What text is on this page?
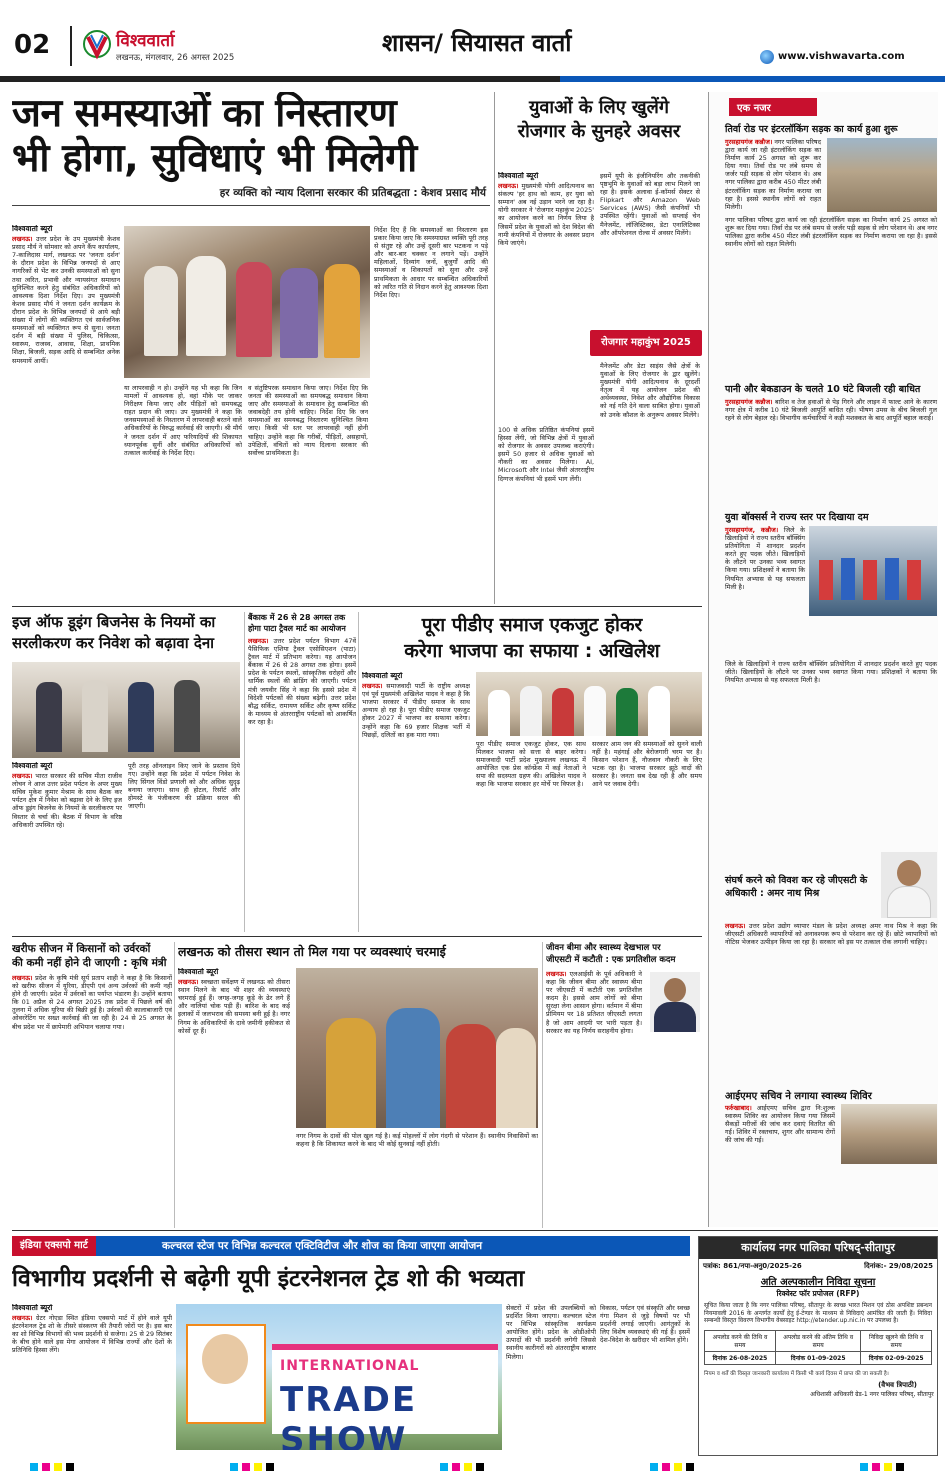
02	विश्ववार्ता
लखनऊ, मंगलवार, 26 अगस्त 2025
शासन/ सियासत वार्ता	www.vishwavarta.com
जन समस्याओं का निस्तारण
भी होगा, सुविधाएं भी मिलेगी
हर व्यक्ति को न्याय दिलाना सरकार की प्रतिबद्धता : केशव प्रसाद मौर्य
विश्ववार्ता ब्यूरो
लखनऊ। उत्तर प्रदेश के उप मुख्यमंत्री केशव प्रसाद मौर्य ने सोमवार को अपने कैंप कार्यालय, 7-कालिदास मार्ग, लखनऊ पर 'जनता दर्शन' के दौरान प्रदेश के विभिन्न जनपदों से आए नागरिकों से भेंट कर उनकी समस्याओं को सुना तथा त्वरित, प्रभावी और न्यायसंगत समाधान सुनिश्चित करने हेतु संबंधित अधिकारियों को आवश्यक दिशा निर्देश दिए। उप मुख्यमंत्री केशव प्रसाद मौर्य ने जनता दर्शन कार्यक्रम के दौरान प्रदेश के विभिन्न जनपदों से आये बड़ी संख्या में लोगों की व्यक्तिगत एवं सार्वजनिक समस्याओं को व्यक्तिगत रूप से सुना। जनता दर्शन में बड़ी संख्या में पुलिस, चिकित्सा, स्वास्थ्य, राजस्व, आवास, शिक्षा, प्राथमिक शिक्षा, बिजली, सड़क आदि से सम्बन्धित अनेक समस्यायें आयीं।
या लापरवाही न हो। उन्होंने यह भी कहा कि जिन मामलों में आवश्यक हो, वहां मौके पर जाकर निरीक्षण किया जाए और पीड़ितों को समयबद्ध राहत प्रदान की जाए। उप मुख्यमंत्री ने कहा कि जनसमस्याओं के निस्तारण में लापरवाही बरतने वाले अधिकारियों के विरुद्ध कार्रवाई की जाएगी। श्री मौर्य ने जनता दर्शन में आए फरियादियों की शिकायत ध्यानपूर्वक सुनीं और संबंधित अधिकारियों को तत्काल कार्रवाई के निर्देश दिए।
व संतुष्टिपरक समाधान किया जाए। निर्देश दिए कि जनता की समस्याओं का समयबद्ध समाधान किया जाए और समस्याओं के समाधान हेतु सम्बन्धित की जवाबदेही तय होनी चाहिए। निर्देश दिए कि जन समस्याओं का समयबद्ध निस्तारण सुनिश्चित किया जाए। किसी भी स्तर पर लापरवाही नहीं होनी चाहिए। उन्होंने कहा कि गरीबों, पीड़ितों, असहायों, उपेक्षितों, वंचितों को न्याय दिलाना सरकार की सर्वोच्च प्राथमिकता है।
निर्देश दिए हैं कि समस्याओं का निस्तारण इस प्रकार किया जाए कि समस्याग्रस्त व्यक्ति पूरी तरह से संतुष्ट रहे और उन्हें दूसरी बार भटकना न पड़े और बार-बार चक्कर न लगाने पड़ें। उन्होंने महिलाओं, दिव्यांग जनों, बुजुर्गों आदि की समस्याओं व शिकायतों को सुना और उन्हें प्राथमिकता के आधार पर सम्बन्धित अधिकारियों को त्वरित गति से निदान करने हेतु आवश्यक दिशा निर्देश दिए।
युवाओं के लिए खुलेंगे
रोजगार के सुनहरे अवसर
विश्ववार्ता ब्यूरो
लखनऊ। मुख्यमंत्री योगी आदित्यनाथ का संकल्प 'हर हाथ को काम, हर युवा को सम्मान' अब नई उड़ान भरने जा रहा है। योगी सरकार ने 'रोजगार महाकुंभ 2025' का आयोजन करने का निर्णय लिया है जिसमें प्रदेश के युवाओं को देश विदेश की नामी कंपनियों में रोजगार के अवसर प्रदान किये जाएंगे।
इसमें यूपी के इंजीनियरिंग और तकनीकी पृष्ठभूमि के युवाओं को बड़ा लाभ मिलने जा रहा है। इसके अलावा ई-कॉमर्स सेक्टर से Flipkart और Amazon Web Services (AWS) जैसी कंपनियाँ भी उपस्थित रहेंगी। युवाओं को सप्लाई चेन मैनेजमेंट, लॉजिस्टिक्स, डेटा एनालिटिक्स और ऑपरेशनल रोल्स में अवसर मिलेंगे।
रोजगार महाकुंभ 2025
100 से अधिक प्रतिष्ठित कंपनियां इसमें हिस्सा लेंगी, जो विभिन्न क्षेत्रों में युवाओं को रोजगार के अवसर उपलब्ध कराएंगी। इसमें 50 हजार से अधिक युवाओं को नौकरी का अवसर मिलेगा। AI, Microsoft और Intel जैसी अंतरराष्ट्रीय दिग्गज कंपनियां भी इसमें भाग लेंगी।
मैनेजमेंट और डेटा साइंस जैसे क्षेत्रों के युवाओं के लिए रोजगार के द्वार खुलेंगे। मुख्यमंत्री योगी आदित्यनाथ के दूरदर्शी नेतृत्व में यह आयोजन प्रदेश की अर्थव्यवस्था, निवेश और औद्योगिक विकास को नई गति देने वाला साबित होगा। युवाओं को उनके कौशल के अनुरूप अवसर मिलेंगे।
एक नजर
तिर्वा रोड पर इंटरलॉकिंग सड़क का कार्य हुआ शुरू
गुरसहायगंज कन्नौज। नगर पालिका परिषद द्वारा कार्य जा रही इंटरलॉकिंग सड़क का निर्माण कार्य 25 अगस्त को शुरू कर दिया गया। तिर्वा रोड पर लंबे समय से जर्जर पड़ी सड़क से लोग परेशान थे। अब नगर पालिका द्वारा करीब 450 मीटर लंबी इंटरलॉकिंग सड़क का निर्माण कराया जा रहा है। इससे स्थानीय लोगों को राहत मिलेगी।
नगर पालिका परिषद द्वारा कार्य जा रही इंटरलॉकिंग सड़क का निर्माण कार्य 25 अगस्त को शुरू कर दिया गया। तिर्वा रोड पर लंबे समय से जर्जर पड़ी सड़क से लोग परेशान थे। अब नगर पालिका द्वारा करीब 450 मीटर लंबी इंटरलॉकिंग सड़क का निर्माण कराया जा रहा है। इससे स्थानीय लोगों को राहत मिलेगी।
पानी और बेकडाउन के चलते 10 घंटे बिजली रही बाधित
गुरसहायगंज कन्नौज। बारिश व तेज हवाओं से पेड़ गिरने और लाइन में फाल्ट आने के कारण नगर क्षेत्र में करीब 10 घंटे बिजली आपूर्ति बाधित रही। भीषण उमस के बीच बिजली गुल रहने से लोग बेहाल रहे। विभागीय कर्मचारियों ने कड़ी मशक्कत के बाद आपूर्ति बहाल कराई।
युवा बॉक्सर्स ने राज्य स्तर पर दिखाया दम
गुरसहायगंज, कन्नौज। जिले के खिलाड़ियों ने राज्य स्तरीय बॉक्सिंग प्रतियोगिता में शानदार प्रदर्शन करते हुए पदक जीते। खिलाड़ियों के लौटने पर उनका भव्य स्वागत किया गया। प्रशिक्षकों ने बताया कि नियमित अभ्यास से यह सफलता मिली है।
जिले के खिलाड़ियों ने राज्य स्तरीय बॉक्सिंग प्रतियोगिता में शानदार प्रदर्शन करते हुए पदक जीते। खिलाड़ियों के लौटने पर उनका भव्य स्वागत किया गया। प्रशिक्षकों ने बताया कि नियमित अभ्यास से यह सफलता मिली है।
संघर्ष करने को विवश कर रहे जीएसटी के अधिकारी : अमर नाथ मिश्र
लखनऊ। उत्तर प्रदेश उद्योग व्यापार मंडल के प्रदेश अध्यक्ष अमर नाथ मिश्र ने कहा कि जीएसटी अधिकारी व्यापारियों को अनावश्यक रूप से परेशान कर रहे हैं। छोटे व्यापारियों को नोटिस भेजकर उत्पीड़न किया जा रहा है। सरकार को इस पर तत्काल रोक लगानी चाहिए।
आईएमए सचिव ने लगाया स्वास्थ्य शिविर
फर्रुखाबाद। आईएमए सचिव द्वारा नि:शुल्क स्वास्थ्य शिविर का आयोजन किया गया जिसमें सैकड़ों मरीजों की जांच कर दवाएं वितरित की गईं। शिविर में रक्तचाप, शुगर और सामान्य रोगों की जांच की गई।
इज ऑफ डूइंग बिजनेस के नियमों का
सरलीकरण कर निवेश को बढ़ावा देना
विश्ववार्ता ब्यूरो
लखनऊ। भारत सरकार की सचिव मीता राजीव लोचन ने आज उत्तर प्रदेश पर्यटन के अपर मुख्य सचिव मुकेश कुमार मेश्राम के साथ बैठक कर पर्यटन क्षेत्र में निवेश को बढ़ावा देने के लिए इज ऑफ डूइंग बिजनेस के नियमों के सरलीकरण पर विस्तार से चर्चा की। बैठक में विभाग के वरिष्ठ अधिकारी उपस्थित रहे।
पूरी तरह ऑनलाइन किए जाने के प्रस्ताव दिये गए। उन्होंने कहा कि प्रदेश में पर्यटन निवेश के लिए सिंगल विंडो प्रणाली को और अधिक सुदृढ़ बनाया जाएगा। साथ ही होटल, रिसॉर्ट और होमस्टे के पंजीकरण की प्रक्रिया सरल की जाएगी।
बैंकाक में 26 से 28 अगस्त तक
होगा पाटा ट्रैवल मार्ट का आयोजन
लखनऊ। उत्तर प्रदेश पर्यटन विभाग 47वें पैसिफिक एशिया ट्रैवल एसोसिएशन (पाटा) ट्रैवल मार्ट में प्रतिभाग करेगा। यह आयोजन बैंकाक में 26 से 28 अगस्त तक होगा। इसमें प्रदेश के पर्यटन स्थलों, सांस्कृतिक धरोहरों और धार्मिक स्थलों की ब्रांडिंग की जाएगी। पर्यटन मंत्री जयवीर सिंह ने कहा कि इससे प्रदेश में विदेशी पर्यटकों की संख्या बढ़ेगी। उत्तर प्रदेश बौद्ध सर्किट, रामायण सर्किट और कृष्ण सर्किट के माध्यम से अंतरराष्ट्रीय पर्यटकों को आकर्षित कर रहा है।
पूरा पीडीए समाज एकजुट होकर
करेगा भाजपा का सफाया : अखिलेश
विश्ववार्ता ब्यूरो
लखनऊ। समाजवादी पार्टी के राष्ट्रीय अध्यक्ष एवं पूर्व मुख्यमंत्री अखिलेश यादव ने कहा है कि भाजपा सरकार में पीडीए समाज के साथ अन्याय हो रहा है। पूरा पीडीए समाज एकजुट होकर 2027 में भाजपा का सफाया करेगा। उन्होंने कहा कि 69 हजार शिक्षक भर्ती में पिछड़ों, दलितों का हक मारा गया।
पूरा पीडीए समाज एकजुट होकर, एक साथ मिलकर भाजपा को सत्ता से बाहर करेगा। समाजवादी पार्टी प्रदेश मुख्यालय लखनऊ में आयोजित एक प्रेस कॉन्फ्रेंस में कई नेताओं ने सपा की सदस्यता ग्रहण की। अखिलेश यादव ने कहा कि भाजपा सरकार हर मोर्चे पर विफल है।
सरकार आम जन की समस्याओं को सुनने वाली नहीं है। महंगाई और बेरोजगारी चरम पर है। किसान परेशान हैं, नौजवान नौकरी के लिए भटक रहा है। भाजपा सरकार झूठे वादों की सरकार है। जनता सब देख रही है और समय आने पर जवाब देगी।
खरीफ सीजन में किसानों को उर्वरकों
की कमी नहीं होने दी जाएगी : कृषि मंत्री
लखनऊ। प्रदेश के कृषि मंत्री सूर्य प्रताप शाही ने कहा है कि किसानों को खरीफ सीजन में यूरिया, डीएपी एवं अन्य उर्वरकों की कमी नहीं होने दी जाएगी। प्रदेश में उर्वरकों का पर्याप्त भंडारण है। उन्होंने बताया कि 01 अप्रैल से 24 अगस्त 2025 तक प्रदेश में पिछले वर्ष की तुलना में अधिक यूरिया की बिक्री हुई है। उर्वरकों की कालाबाजारी एवं ओवररेटिंग पर सख्त कार्रवाई की जा रही है। 24 से 25 अगस्त के बीच प्रदेश भर में छापेमारी अभियान चलाया गया।
लखनऊ को तीसरा स्थान तो मिल गया पर व्यवस्थाएं चरमाई
विश्ववार्ता ब्यूरो
लखनऊ। स्वच्छता सर्वेक्षण में लखनऊ को तीसरा स्थान मिलने के बाद भी शहर की व्यवस्थाएं चरमराई हुई हैं। जगह-जगह कूड़े के ढेर लगे हैं और नालियां चोक पड़ी हैं। बारिश के बाद कई इलाकों में जलभराव की समस्या बनी हुई है। नगर निगम के अधिकारियों के दावे जमीनी हकीकत से कोसों दूर हैं।
नगर निगम के दावों की पोल खुल गई है। कई मोहल्लों में लोग गंदगी से परेशान हैं। स्थानीय निवासियों का कहना है कि शिकायत करने के बाद भी कोई सुनवाई नहीं होती।
जीवन बीमा और स्वास्थ्य देखभाल पर
जीएसटी में कटौती : एक प्रगतिशील कदम
लखनऊ। एलआईसी के पूर्व अधिकारी ने कहा कि जीवन बीमा और स्वास्थ्य बीमा पर जीएसटी में कटौती एक प्रगतिशील कदम है। इससे आम लोगों को बीमा सुरक्षा लेना आसान होगा। वर्तमान में बीमा प्रीमियम पर 18 प्रतिशत जीएसटी लगता है जो आम आदमी पर भारी पड़ता है। सरकार का यह निर्णय सराहनीय होगा।
इंडिया एक्सपो मार्ट	कल्चरल स्टेज पर विभिन्न कल्चरल एक्टिविटीज और शोज का किया जाएगा आयोजन
विभागीय प्रदर्शनी से बढ़ेगी यूपी इंटरनेशनल ट्रेड शो की भव्यता
विश्ववार्ता ब्यूरो
लखनऊ। ग्रेटर नोएडा स्थित इंडिया एक्सपो मार्ट में होने वाले यूपी इंटरनेशनल ट्रेड शो के तीसरे संस्करण की तैयारी जोरों पर है। इस बार का शो विभिन्न विभागों की भव्य प्रदर्शनी से सजेगा। 25 से 29 सितंबर के बीच होने वाले इस मेगा आयोजन में विभिन्न राज्यों और देशों के प्रतिनिधि हिस्सा लेंगे।
INTERNATIONAL
TRADE SHOW
सेक्टरों में प्रदेश की उपलब्धियों को प्रदर्शित किया जाएगा। कल्चरल स्टेज पर विभिन्न सांस्कृतिक कार्यक्रम आयोजित होंगे। प्रदेश के ओडीओपी उत्पादों की भी प्रदर्शनी लगेगी जिससे स्थानीय कारीगरों को अंतरराष्ट्रीय बाजार मिलेगा।
विकास, पर्यटन एवं संस्कृति और स्वच्छ गंगा मिशन से जुड़े विषयों पर भी प्रदर्शनी लगाई जाएगी। आगंतुकों के लिए विशेष व्यवस्थाएं की गई हैं। इसमें देश-विदेश के खरीदार भी शामिल होंगे।
कार्यालय नगर पालिका परिषद्-सीतापुर
पत्रांक: 861/नपा-अनु0/2025-26	दिनांक:- 29/08/2025
अति अल्पकालीन निविदा सूचना
रिक्वेस्ट फॉर प्रपोजल (RFP)
सूचित किया जाता है कि नगर पालिका परिषद्, सीतापुर के स्वच्छ भारत मिशन एवं ठोस अपशिष्ट प्रबन्धन नियमावली 2016 के अन्तर्गत कार्यों हेतु ई-टेण्डर के माध्यम से निविदाएं आमंत्रित की जाती हैं। निविदा सम्बन्धी विस्तृत विवरण विभागीय वेबसाइट http://etender.up.nic.in पर उपलब्ध है।
अपलोड करने की तिथि व समय	अपलोड करने की अंतिम तिथि व समय	निविदा खुलने की तिथि व समय
दिनांक 26-08-2025	दिनांक 01-09-2025	दिनांक 02-09-2025
नियम व शर्तें की विस्तृत जानकारी कार्यालय में किसी भी कार्य दिवस में प्राप्त की जा सकती है।
(वैभव त्रिपाठी)
अधिशासी अधिकारी ग्रेड-1 नगर पालिका परिषद्, सीतापुर
